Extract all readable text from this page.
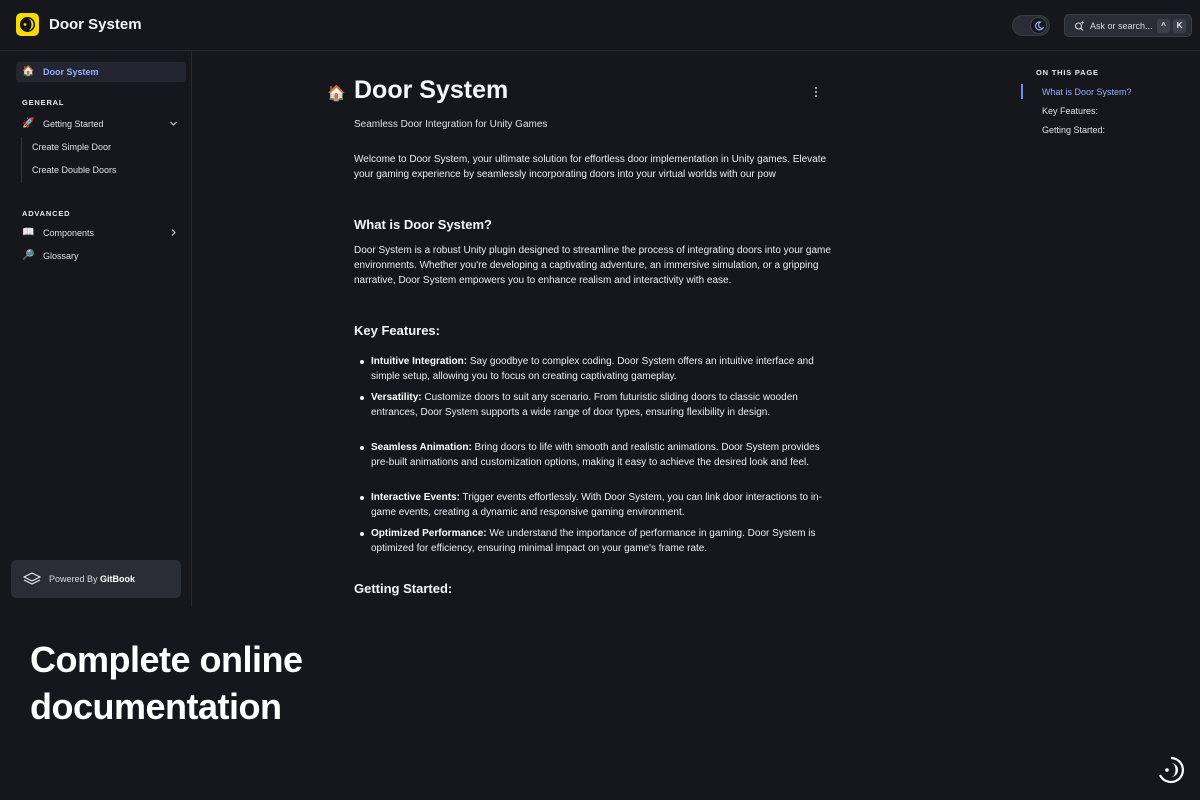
Door System	Ask or search...	^	K
🏠 Door System
GENERAL
🚀 Getting Started
Create Simple Door
Create Double Doors
ADVANCED
📖 Components
🔎 Glossary
Powered By GitBook
🏠 Door System
Seamless Door Integration for Unity Games

Welcome to Door System, your ultimate solution for effortless door implementation in Unity games. Elevate your gaming experience by seamlessly incorporating doors into your virtual worlds with our pow

What is Door System?

Door System is a robust Unity plugin designed to streamline the process of integrating doors into your game environments. Whether you're developing a captivating adventure, an immersive simulation, or a gripping narrative, Door System empowers you to enhance realism and interactivity with ease.

Key Features:
Intuitive Integration: Say goodbye to complex coding. Door System offers an intuitive interface and simple setup, allowing you to focus on creating captivating gameplay.
Versatility: Customize doors to suit any scenario. From futuristic sliding doors to classic wooden entrances, Door System supports a wide range of door types, ensuring flexibility in design.
Seamless Animation: Bring doors to life with smooth and realistic animations. Door System provides pre-built animations and customization options, making it easy to achieve the desired look and feel.
Interactive Events: Trigger events effortlessly. With Door System, you can link door interactions to in-game events, creating a dynamic and responsive gaming environment.
Optimized Performance: We understand the importance of performance in gaming. Door System is optimized for efficiency, ensuring minimal impact on your game's frame rate.
Getting Started:
ON THIS PAGE
What is Door System?
Key Features:
Getting Started:
Complete online
documentation
